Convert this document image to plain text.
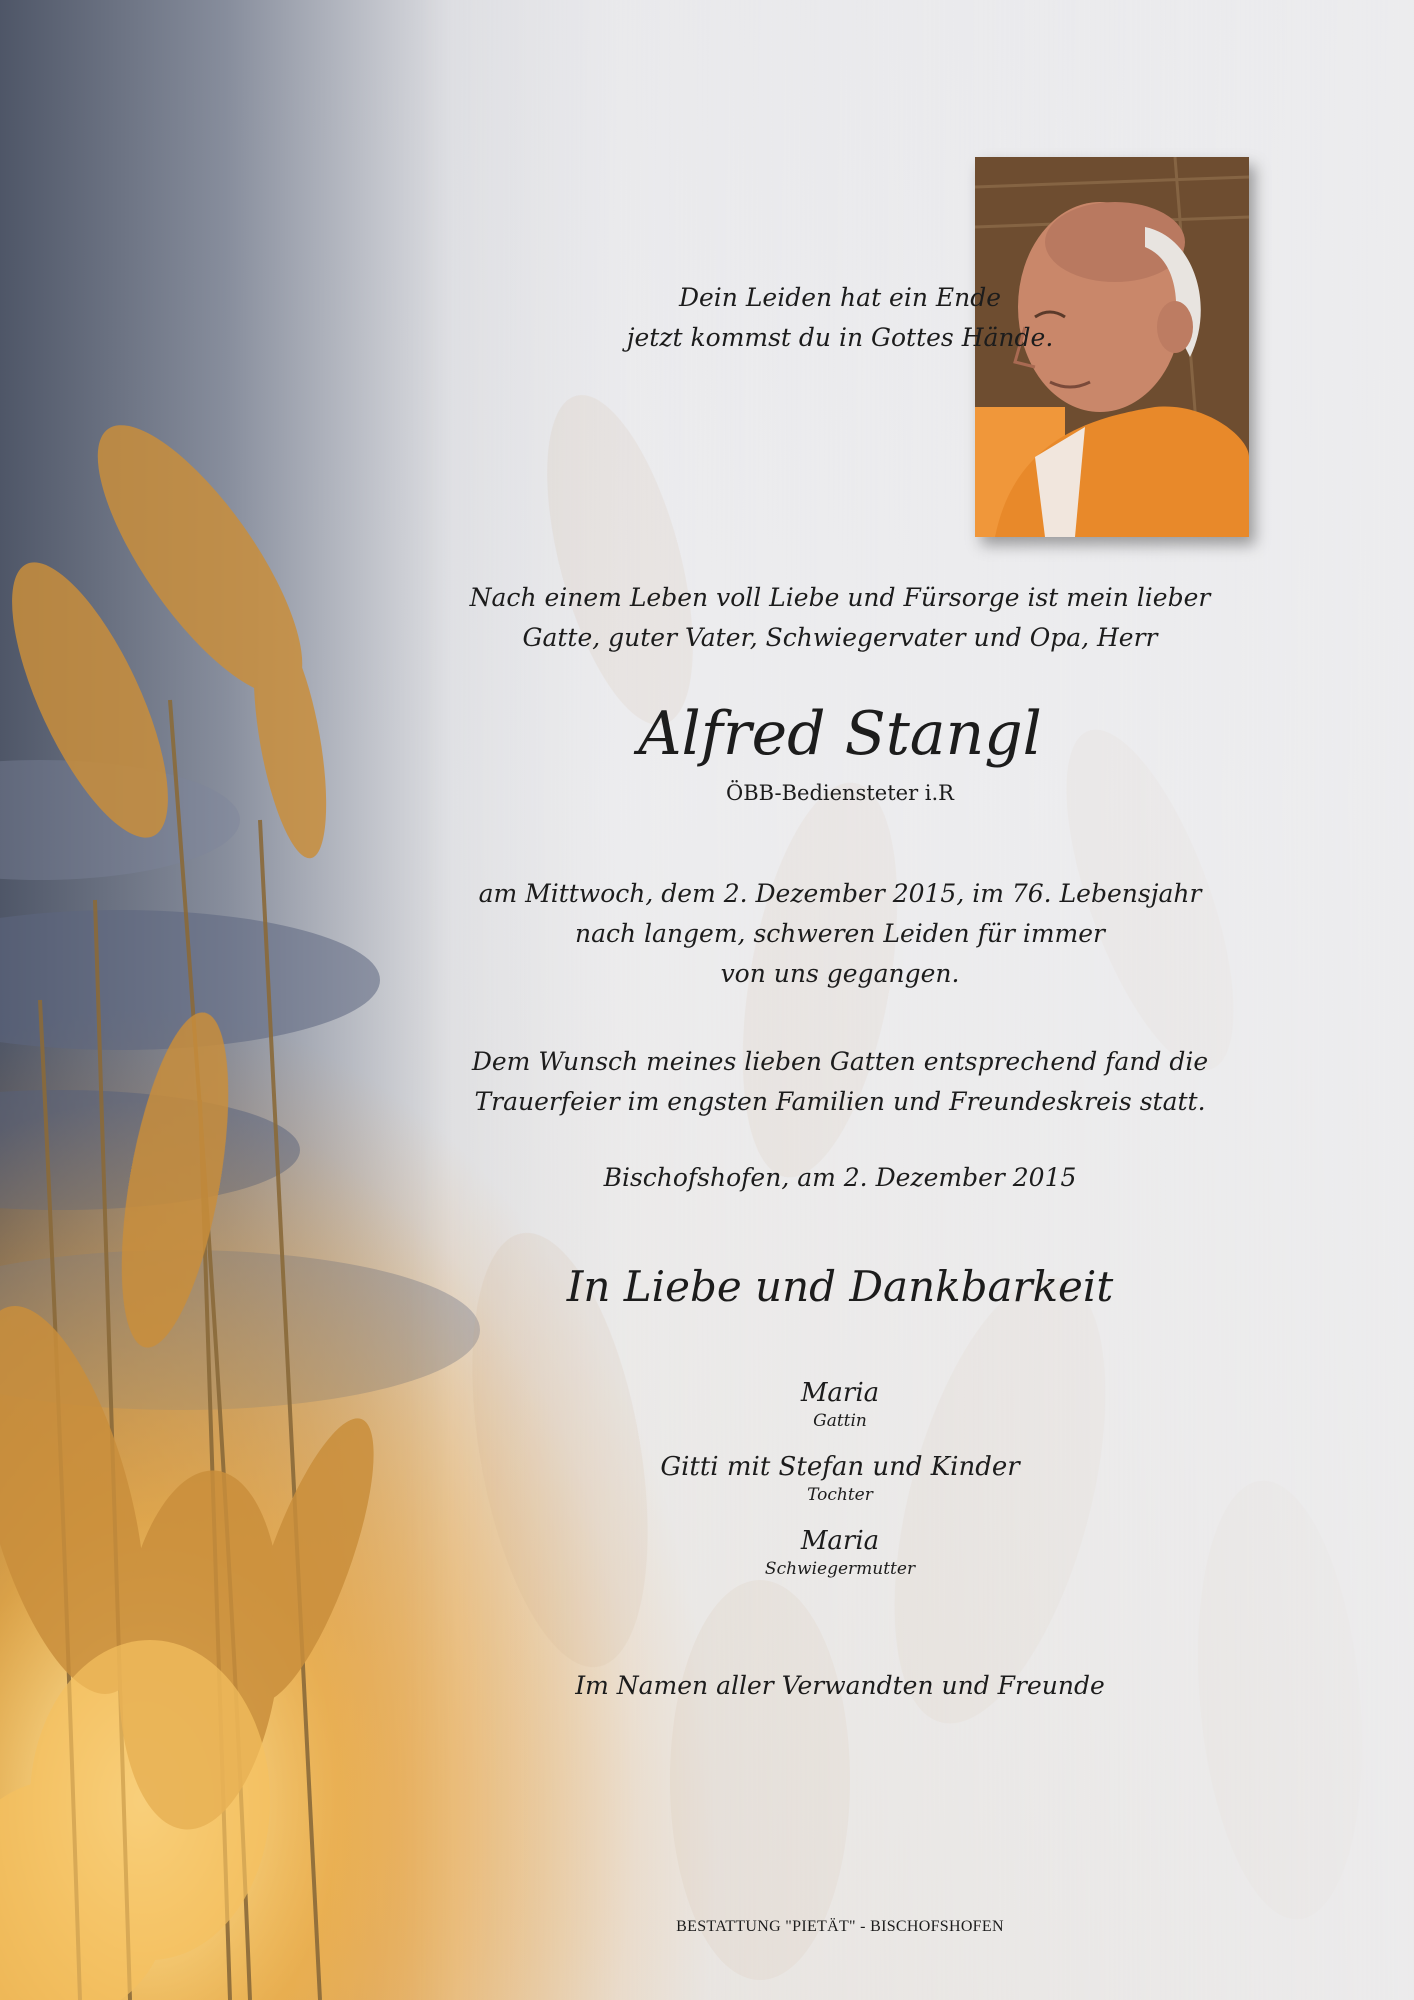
Dein Leiden hat ein Ende
jetzt kommst du in Gottes Hände.
Nach einem Leben voll Liebe und Fürsorge ist mein lieber
Gatte, guter Vater, Schwiegervater und Opa, Herr
Alfred Stangl
ÖBB-Bediensteter i.R
am Mittwoch, dem 2. Dezember 2015, im 76. Lebensjahr
nach langem, schweren Leiden für immer
von uns gegangen.
Dem Wunsch meines lieben Gatten entsprechend fand die
Trauerfeier im engsten Familien und Freundeskreis statt.
Bischofshofen, am 2. Dezember 2015
In Liebe und Dankbarkeit
Maria
Gattin
Gitti mit Stefan und Kinder
Tochter
Maria
Schwiegermutter
Im Namen aller Verwandten und Freunde
BESTATTUNG "PIETÄT" - BISCHOFSHOFEN
